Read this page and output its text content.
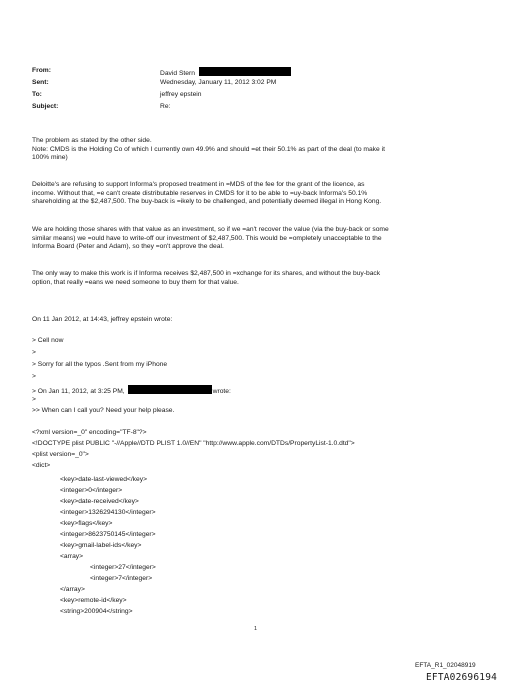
From:	David Stern
Sent:	Wednesday, January 11, 2012 3:02 PM
To:	jeffrey epstein
Subject:	Re:
The problem as stated by the other side.
Note: CMDS is the Holding Co of which I currently own 49.9% and should =et their 50.1% as part of the deal (to make it
100% mine)
Deloitte's are refusing to support Informa's proposed treatment in =MDS of the fee for the grant of the licence, as
income. Without that, =e can't create distributable reserves in CMDS for it to be able to =uy-back Informa's 50.1%
shareholding at the $2,487,500. The buy-back is =ikely to be challenged, and potentially deemed illegal in Hong Kong.
We are holding those shares with that value as an investment, so if we =an't recover the value (via the buy-back or some
similar means) we =ould have to write-off our investment of $2,487,500. This would be =ompletely unacceptable to the
Informa Board (Peter and Adam), so they =on't approve the deal.
The only way to make this work is if Informa receives $2,487,500 in =xchange for its shares, and without the buy-back
option, that really =eans we need someone to buy them for that value.
On 11 Jan 2012, at 14:43, jeffrey epstein wrote:
> Cell now
>
> Sorry for all the typos .Sent from my iPhone
>
> On Jan 11, 2012, at 3:25 PM,	wrote:
>
>> When can I call you? Need your help please.
<?xml version=_0" encoding="TF-8"?>
<!DOCTYPE plist PUBLIC "-//Apple//DTD PLIST 1.0//EN" "http://www.apple.com/DTDs/PropertyList-1.0.dtd">
<plist version=_0">
<dict>
<key>date-last-viewed</key>
<integer>0</integer>
<key>date-received</key>
<integer>1326294130</integer>
<key>flags</key>
<integer>8623750145</integer>
<key>gmail-label-ids</key>
<array>
<integer>27</integer>
<integer>7</integer>
</array>
<key>remote-id</key>
<string>200904</string>
1
EFTA_R1_02048919
EFTA02696194
